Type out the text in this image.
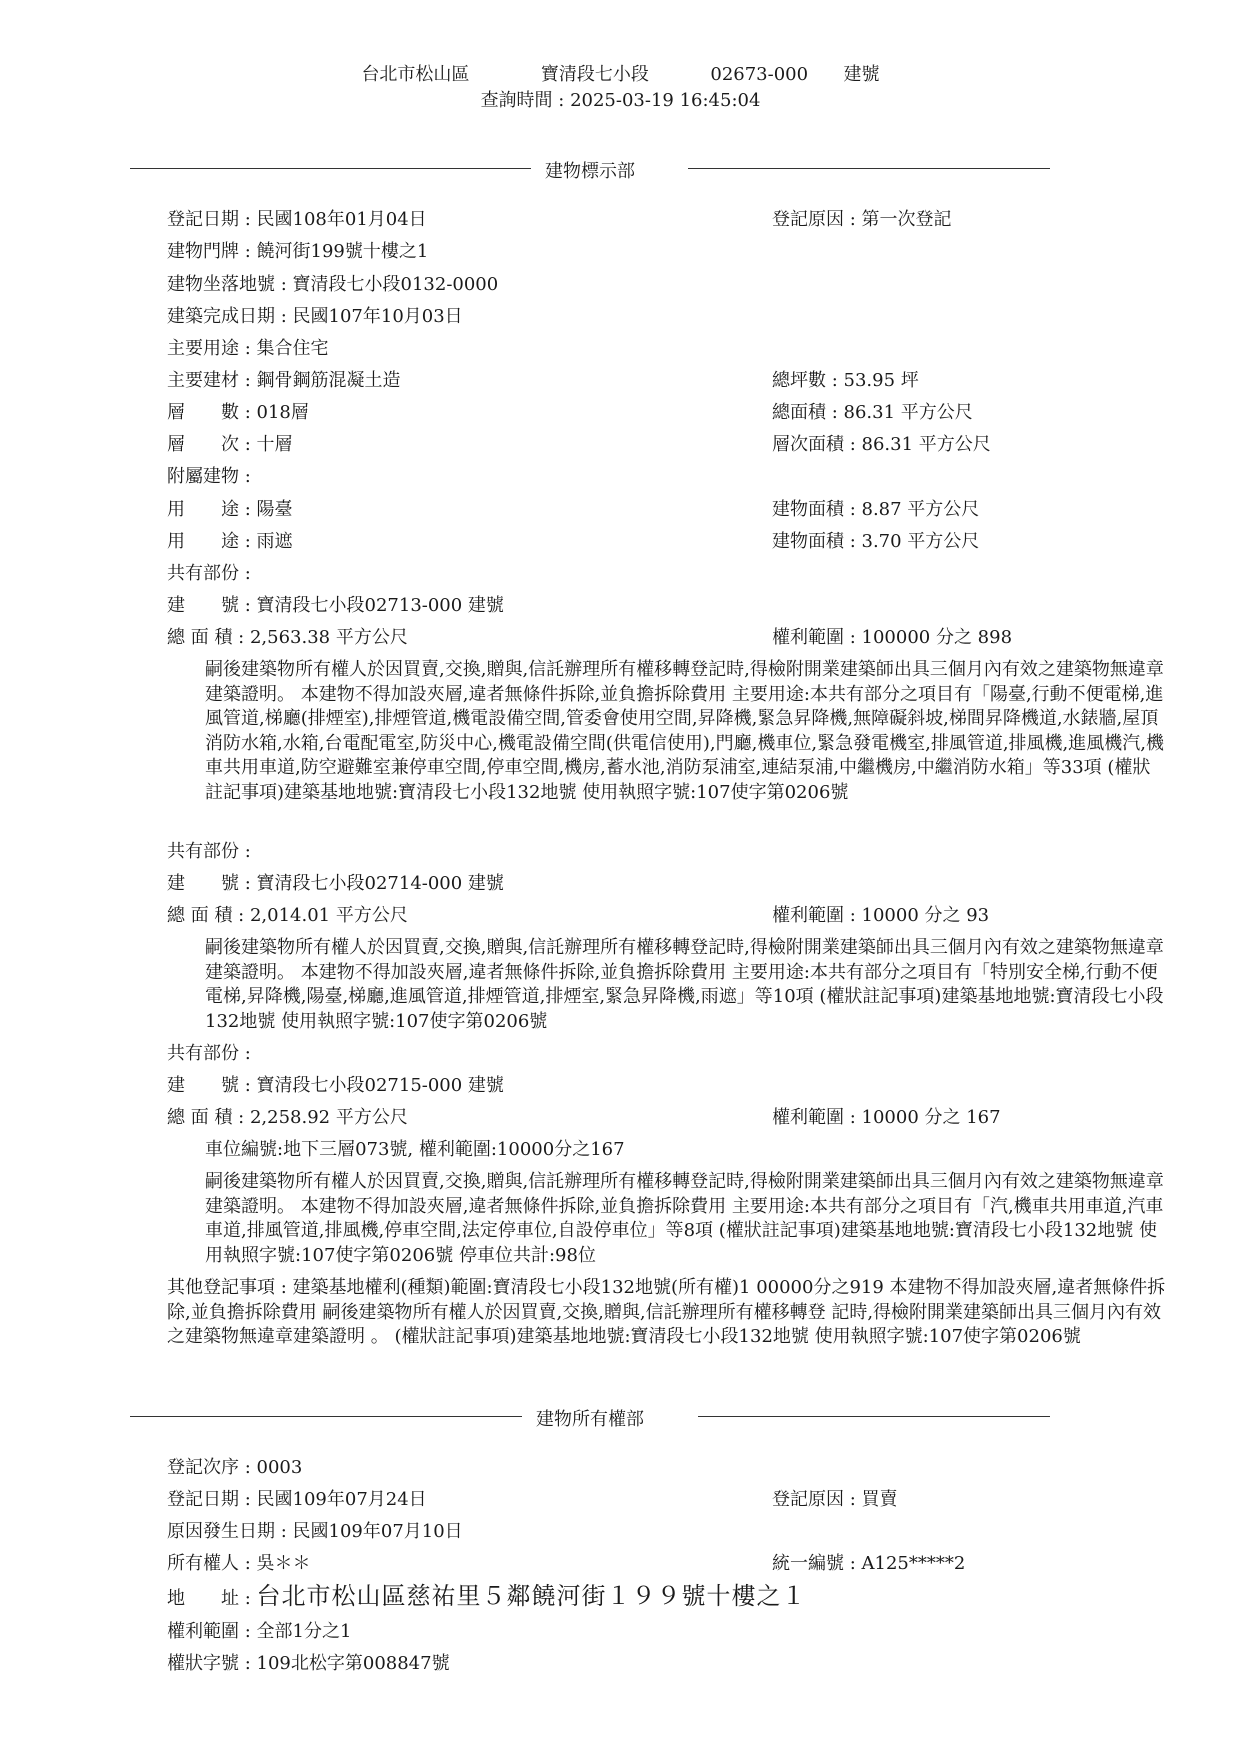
台北市松山區	寶清段七小段	02673-000 建號
查詢時間 : 2025-03-19 16:45:04
建物標示部
登記日期 : 民國108年01月04日	登記原因 : 第一次登記
建物門牌 : 饒河街199號十樓之1
建物坐落地號 : 寶清段七小段0132-0000
建築完成日期 : 民國107年10月03日
主要用途 : 集合住宅
主要建材 : 鋼骨鋼筋混凝土造	總坪數 : 53.95 坪
層　　數 : 018層	總面積 : 86.31 平方公尺
層　　次 : 十層	層次面積 : 86.31 平方公尺
附屬建物 :
用　　途 : 陽臺	建物面積 : 8.87 平方公尺
用　　途 : 雨遮	建物面積 : 3.70 平方公尺
共有部份 :
建　　號 : 寶清段七小段02713-000 建號
總 面 積 : 2,563.38 平方公尺	權利範圍 : 100000 分之 898
嗣後建築物所有權人於因買賣,交換,贈與,信託辦理所有權移轉登記時,得檢附開業建築師出具三個月內有效之建築物無違章建築證明。 本建物不得加設夾層,違者無條件拆除,並負擔拆除費用 主要用途:本共有部分之項目有「陽臺,行動不便電梯,進風管道,梯廳(排煙室),排煙管道,機電設備空間,管委會使用空間,昇降機,緊急昇降機,無障礙斜坡,梯間昇降機道,水錶牆,屋頂消防水箱,水箱,台電配電室,防災中心,機電設備空間(供電信使用),門廳,機車位,緊急發電機室,排風管道,排風機,進風機汽,機車共用車道,防空避難室兼停車空間,停車空間,機房,蓄水池,消防泵浦室,連結泵浦,中繼機房,中繼消防水箱」等33項 (權狀註記事項)建築基地地號:寶清段七小段132地號 使用執照字號:107使字第0206號
共有部份 :
建　　號 : 寶清段七小段02714-000 建號
總 面 積 : 2,014.01 平方公尺	權利範圍 : 10000 分之 93
嗣後建築物所有權人於因買賣,交換,贈與,信託辦理所有權移轉登記時,得檢附開業建築師出具三個月內有效之建築物無違章建築證明。 本建物不得加設夾層,違者無條件拆除,並負擔拆除費用 主要用途:本共有部分之項目有「特別安全梯,行動不便電梯,昇降機,陽臺,梯廳,進風管道,排煙管道,排煙室,緊急昇降機,雨遮」等10項 (權狀註記事項)建築基地地號:寶清段七小段132地號 使用執照字號:107使字第0206號
共有部份 :
建　　號 : 寶清段七小段02715-000 建號
總 面 積 : 2,258.92 平方公尺	權利範圍 : 10000 分之 167
車位編號:地下三層073號, 權利範圍:10000分之167
嗣後建築物所有權人於因買賣,交換,贈與,信託辦理所有權移轉登記時,得檢附開業建築師出具三個月內有效之建築物無違章建築證明。 本建物不得加設夾層,違者無條件拆除,並負擔拆除費用 主要用途:本共有部分之項目有「汽,機車共用車道,汽車車道,排風管道,排風機,停車空間,法定停車位,自設停車位」等8項 (權狀註記事項)建築基地地號:寶清段七小段132地號 使用執照字號:107使字第0206號 停車位共計:98位
其他登記事項 : 建築基地權利(種類)範圍:寶清段七小段132地號(所有權)1 00000分之919 本建物不得加設夾層,違者無條件拆除,並負擔拆除費用 嗣後建築物所有權人於因買賣,交換,贈與,信託辦理所有權移轉登 記時,得檢附開業建築師出具三個月內有效之建築物無違章建築證明 。 (權狀註記事項)建築基地地號:寶清段七小段132地號 使用執照字號:107使字第0206號
建物所有權部
登記次序 : 0003
登記日期 : 民國109年07月24日	登記原因 : 買賣
原因發生日期 : 民國109年07月10日
所有權人 : 吳＊＊	統一編號 : A125*****2
地　　址 : 台北市松山區慈祐里５鄰饒河街１９９號十樓之１
權利範圍 : 全部1分之1
權狀字號 : 109北松字第008847號
